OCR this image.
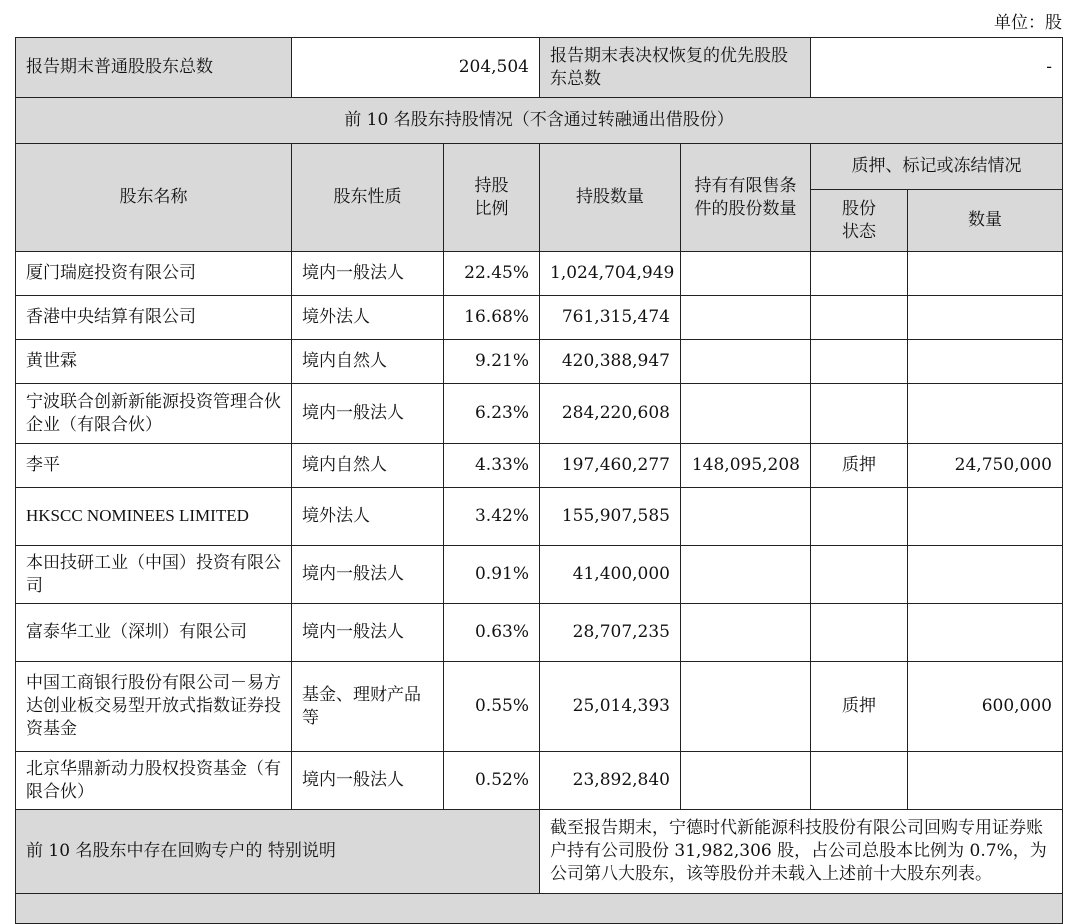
单位：股
报告期末普通股股东总数	204,504		报告期末表决权恢复的优先股股东总数		-	
前 10 名股东持股情况（不含通过转融通出借股份）						
股东名称	股东性质	持股比例	持股数量	持有有限售条件的股份数量	质押、标记或冻结情况	

					股份状态	数量
厦门瑞庭投资有限公司	境内一般法人	22.45%	1,024,704,949			
香港中央结算有限公司	境外法人	16.68%	761,315,474			
黄世霖	境内自然人	9.21%	420,388,947			
宁波联合创新新能源投资管理合伙企业（有限合伙）	境内一般法人	6.23%	284,220,608			
李平	境内自然人	4.33%	197,460,277	148,095,208	质押	24,750,000
HKSCC NOMINEES LIMITED	境外法人	3.42%	155,907,585			
本田技研工业（中国）投资有限公司	境内一般法人	0.91%	41,400,000			
富泰华工业（深圳）有限公司	境内一般法人	0.63%	28,707,235			
中国工商银行股份有限公司－易方达创业板交易型开放式指数证券投资基金	基金、理财产品等	0.55%	25,014,393		质押	600,000
北京华鼎新动力股权投资基金（有限合伙）	境内一般法人	0.52%	23,892,840			
前 10 名股东中存在回购专户的 特别说明			截至报告期末，宁德时代新能源科技股份有限公司回购专用证券账户持有公司股份 31,982,306 股，占公司总股本比例为 0.7%，为公司第八大股东，该等股份并未载入上述前十大股东列表。			
